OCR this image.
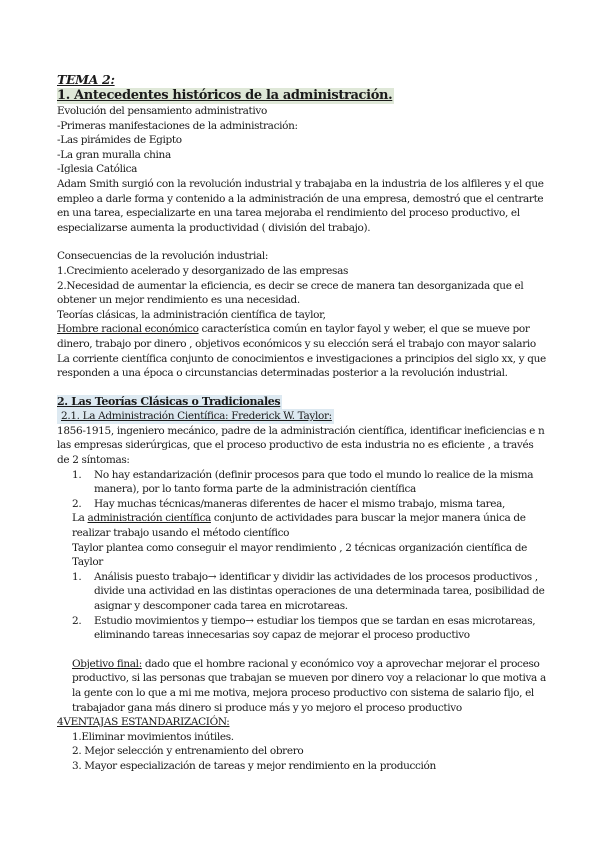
TEMA 2:

1. Antecedentes históricos de la administración.

Evolución del pensamiento administrativo

-Primeras manifestaciones de la administración:

-Las pirámides de Egipto

-La gran muralla china

-Iglesia Católica

Adam Smith surgió con la revolución industrial y trabajaba en la industria de los alfileres y el que empleo a darle forma y contenido a la administración de una empresa, demostró que el centrarte en una tarea, especializarte en una tarea mejoraba el rendimiento del proceso productivo, el especializarse aumenta la productividad ( división del trabajo).

Consecuencias de la revolución industrial:

1.Crecimiento acelerado y desorganizado de las empresas

2.Necesidad de aumentar la eficiencia, es decir se crece de manera tan desorganizada que el obtener un mejor rendimiento es una necesidad.

Teorías clásicas, la administración científica de taylor,

Hombre racional económico característica común en taylor fayol y weber, el que se mueve por dinero, trabajo por dinero , objetivos económicos y su elección será el trabajo con mayor salario

La corriente científica conjunto de conocimientos e investigaciones a principios del siglo xx, y que responden a una época o circunstancias determinadas posterior a la revolución industrial.

2. Las Teorías Clásicas o Tradicionales

2.1. La Administración Científica: Frederick W. Taylor:

1856-1915, ingeniero mecánico, padre de la administración científica, identificar ineficiencias e n las empresas siderúrgicas, que el proceso productivo de esta industria no es eficiente , a través de 2 síntomas:

1. No hay estandarización (definir procesos para que todo el mundo lo realice de la misma manera), por lo tanto forma parte de la administración científica
2. Hay muchas técnicas/maneras diferentes de hacer el mismo trabajo, misma tarea,

La administración científica conjunto de actividades para buscar la mejor manera única de realizar trabajo usando el método científico

Taylor plantea como conseguir el mayor rendimiento , 2 técnicas organización científica de Taylor

1. Análisis puesto trabajo→ identificar y dividir las actividades de los procesos productivos , divide una actividad en las distintas operaciones de una determinada tarea, posibilidad de asignar y descomponer cada tarea en microtareas.
2. Estudio movimientos y tiempo→ estudiar los tiempos que se tardan en esas microtareas, eliminando tareas innecesarias soy capaz de mejorar el proceso productivo

Objetivo final: dado que el hombre racional y económico voy a aprovechar mejorar el proceso productivo, si las personas que trabajan se mueven por dinero voy a relacionar lo que motiva a la gente con lo que a mi me motiva, mejora proceso productivo con sistema de salario fijo, el trabajador gana más dinero si produce más y yo mejoro el proceso productivo

4VENTAJAS ESTANDARIZACIÓN:

1.Eliminar movimientos inútiles.

2. Mejor selección y entrenamiento del obrero

3. Mayor especialización de tareas y mejor rendimiento en la producción
